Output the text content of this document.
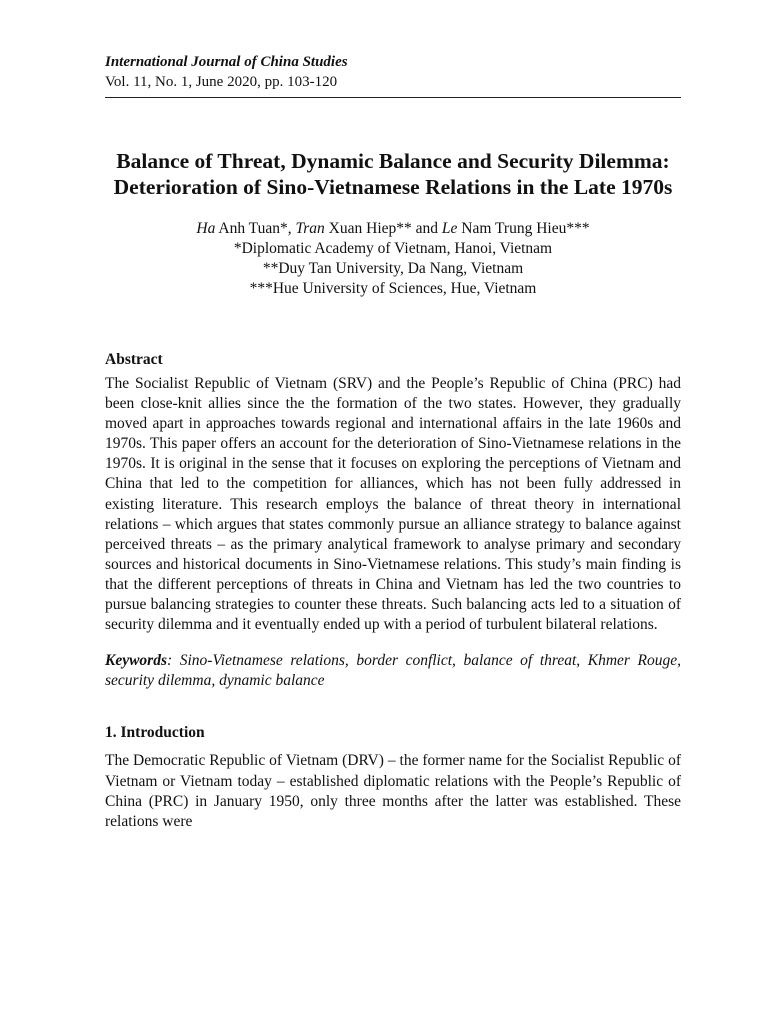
International Journal of China Studies
Vol. 11, No. 1, June 2020, pp. 103-120
Balance of Threat, Dynamic Balance and Security Dilemma: Deterioration of Sino-Vietnamese Relations in the Late 1970s
Ha Anh Tuan*, Tran Xuan Hiep** and Le Nam Trung Hieu***
*Diplomatic Academy of Vietnam, Hanoi, Vietnam
**Duy Tan University, Da Nang, Vietnam
***Hue University of Sciences, Hue, Vietnam
Abstract

The Socialist Republic of Vietnam (SRV) and the People’s Republic of China (PRC) had been close-knit allies since the the formation of the two states. However, they gradually moved apart in approaches towards regional and international affairs in the late 1960s and 1970s. This paper offers an account for the deterioration of Sino-Vietnamese relations in the 1970s. It is original in the sense that it focuses on exploring the perceptions of Vietnam and China that led to the competition for alliances, which has not been fully addressed in existing literature. This research employs the balance of threat theory in international relations – which argues that states commonly pursue an alliance strategy to balance against perceived threats – as the primary analytical framework to analyse primary and secondary sources and historical documents in Sino-Vietnamese relations. This study’s main finding is that the different perceptions of threats in China and Vietnam has led the two countries to pursue balancing strategies to counter these threats. Such balancing acts led to a situation of security dilemma and it eventually ended up with a period of turbulent bilateral relations.

Keywords: Sino-Vietnamese relations, border conflict, balance of threat, Khmer Rouge, security dilemma, dynamic balance

1. Introduction

The Democratic Republic of Vietnam (DRV) – the former name for the Socialist Republic of Vietnam or Vietnam today – established diplomatic relations with the People’s Republic of China (PRC) in January 1950, only three months after the latter was established. These relations were
